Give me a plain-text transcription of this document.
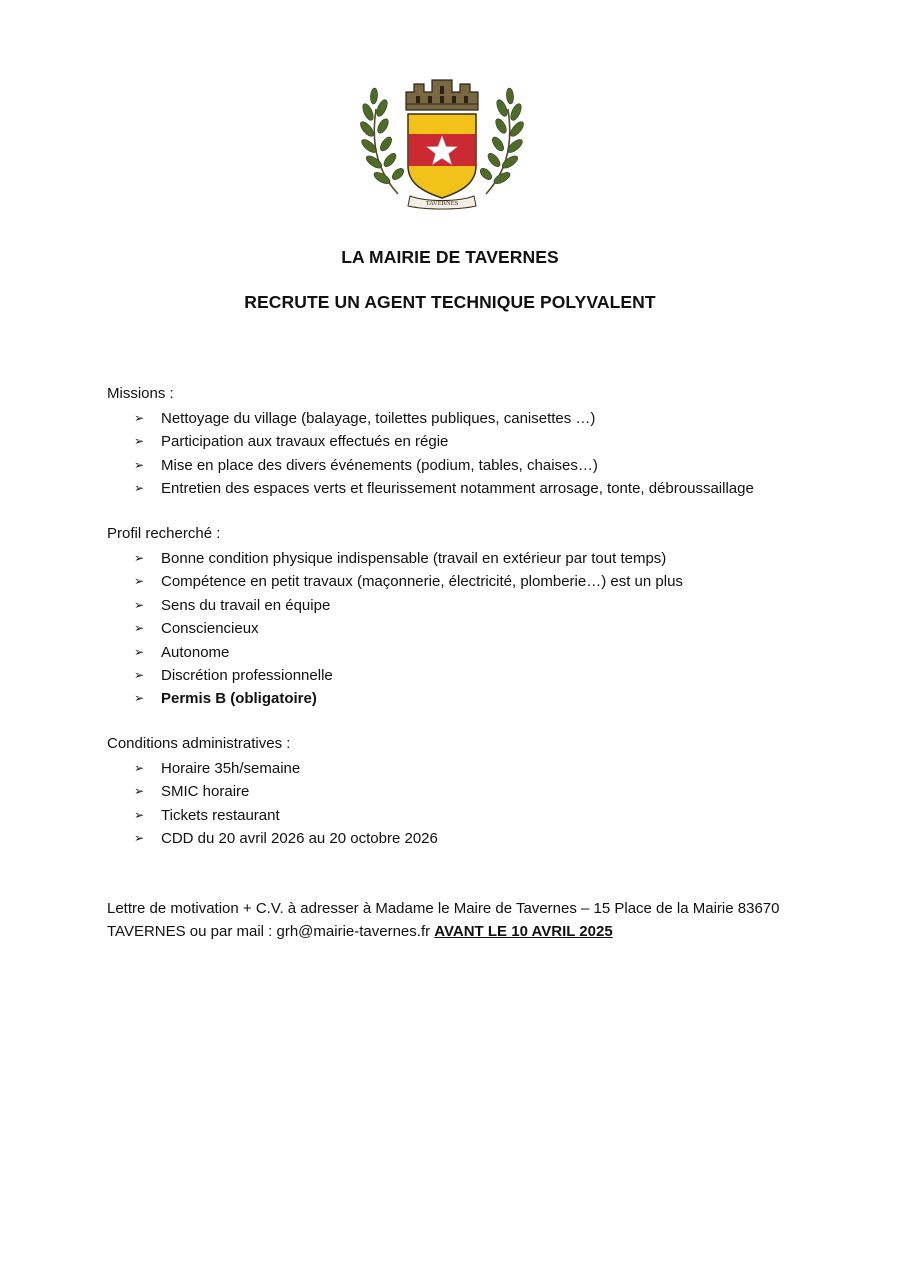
TAVERNES
LA MAIRIE DE TAVERNES
RECRUTE UN AGENT TECHNIQUE POLYVALENT
Missions :
➢ Nettoyage du village (balayage, toilettes publiques, canisettes …)
➢ Participation aux travaux effectués en régie
➢ Mise en place des divers événements (podium, tables, chaises…)
➢ Entretien des espaces verts et fleurissement notamment arrosage, tonte, débroussaillage
Profil recherché :
➢ Bonne condition physique indispensable (travail en extérieur par tout temps)
➢ Compétence en petit travaux (maçonnerie, électricité, plomberie…) est un plus
➢ Sens du travail en équipe
➢ Consciencieux
➢ Autonome
➢ Discrétion professionnelle
➢ Permis B (obligatoire)
Conditions administratives :
➢ Horaire 35h/semaine
➢ SMIC horaire
➢ Tickets restaurant
➢ CDD du 20 avril 2026 au 20 octobre 2026
Lettre de motivation + C.V. à adresser à Madame le Maire de Tavernes – 15 Place de la Mairie 83670
TAVERNES ou par mail : grh@mairie-tavernes.fr AVANT LE 10 AVRIL 2025
